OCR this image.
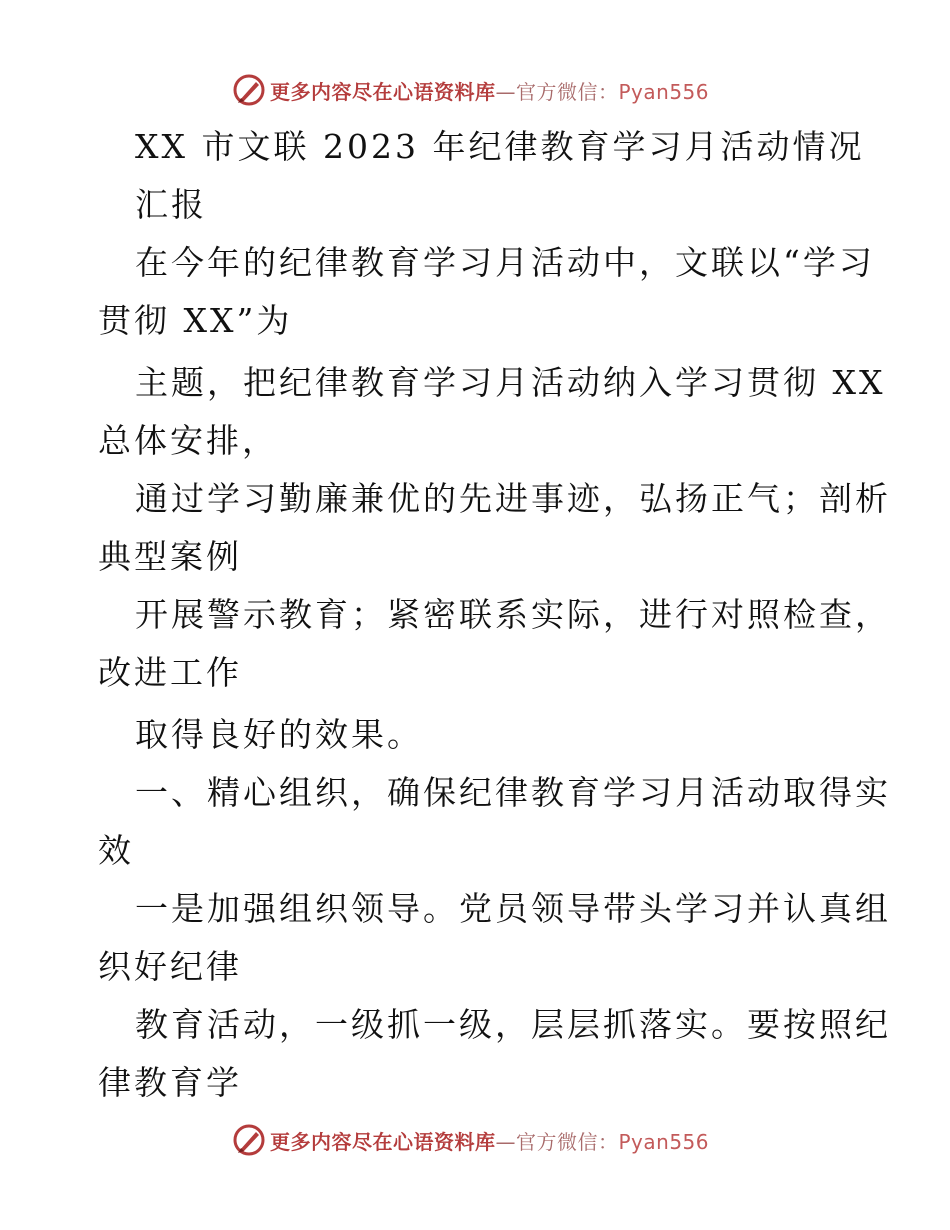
更多内容尽在心语资料库—官方微信：Pyan556
XX 市文联 2023 年纪律教育学习月活动情况
汇报
在今年的纪律教育学习月活动中，文联以“学习
贯彻 XX”为
主题，把纪律教育学习月活动纳入学习贯彻 XX
总体安排，
通过学习勤廉兼优的先进事迹，弘扬正气；剖析
典型案例
开展警示教育；紧密联系实际，进行对照检查，
改进工作
取得良好的效果。
一、精心组织，确保纪律教育学习月活动取得实
效
一是加强组织领导。党员领导带头学习并认真组
织好纪律
教育活动，一级抓一级，层层抓落实。要按照纪
律教育学
更多内容尽在心语资料库—官方微信：Pyan556
